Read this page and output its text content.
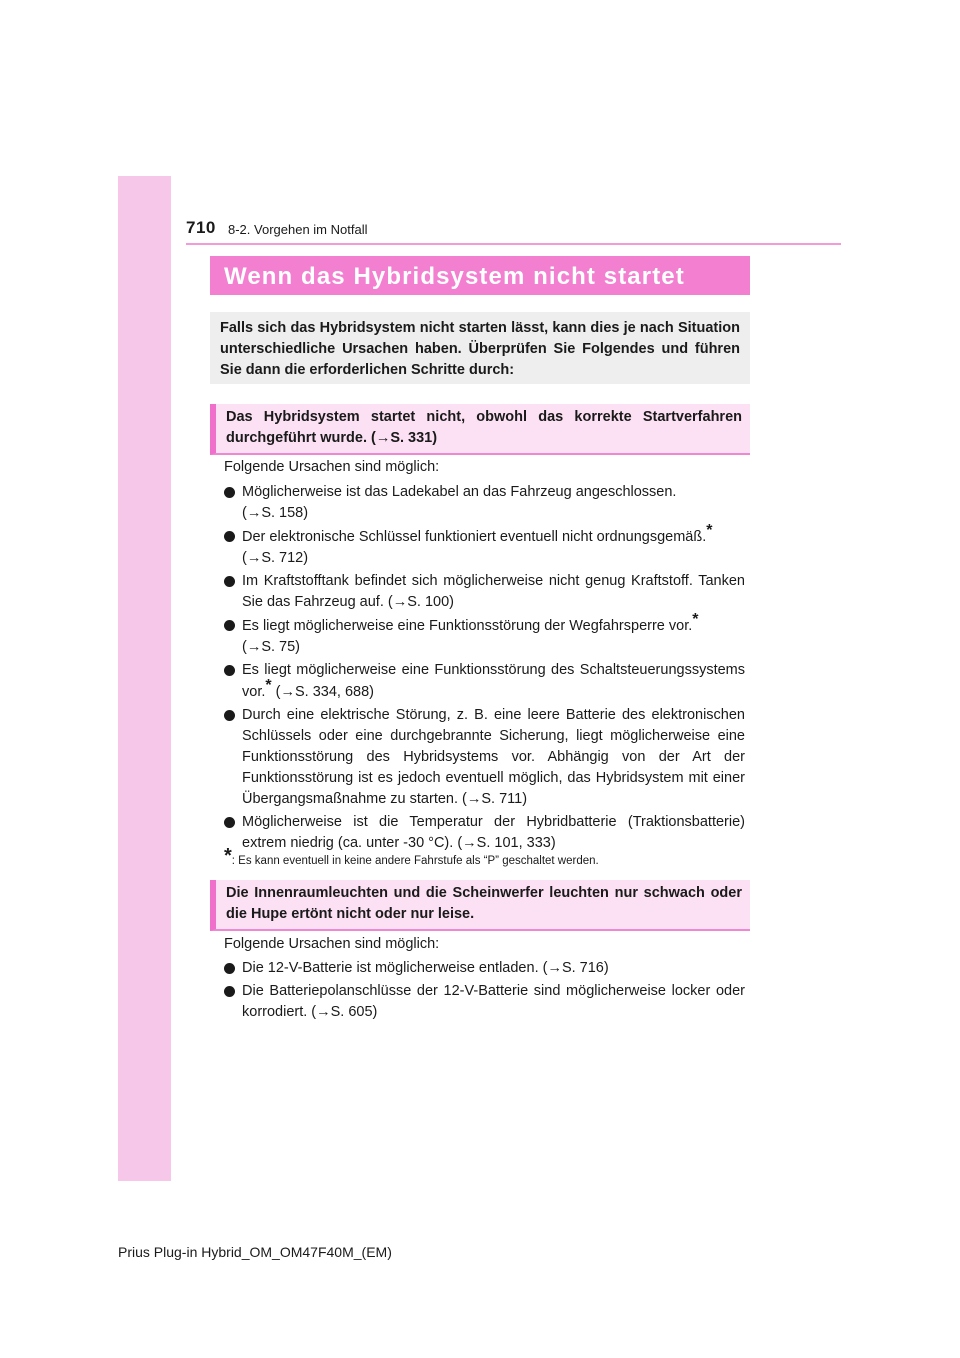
710 8-2. Vorgehen im Notfall
Wenn das Hybridsystem nicht startet
Falls sich das Hybridsystem nicht starten lässt, kann dies je nach Situation unterschiedliche Ursachen haben. Überprüfen Sie Folgendes und führen Sie dann die erforderlichen Schritte durch:
Das Hybridsystem startet nicht, obwohl das korrekte Startverfahren durchgeführt wurde. (→S. 331)
Folgende Ursachen sind möglich:
Möglicherweise ist das Ladekabel an das Fahrzeug angeschlossen.
(→S. 158)
Der elektronische Schlüssel funktioniert eventuell nicht ordnungsgemäß.*
(→S. 712)
Im Kraftstofftank befindet sich möglicherweise nicht genug Kraftstoff. Tanken Sie das Fahrzeug auf. (→S. 100)
Es liegt möglicherweise eine Funktionsstörung der Wegfahrsperre vor.*
(→S. 75)
Es liegt möglicherweise eine Funktionsstörung des Schaltsteuerungssystems vor.* (→S. 334, 688)
Durch eine elektrische Störung, z. B. eine leere Batterie des elektronischen Schlüssels oder eine durchgebrannte Sicherung, liegt möglicherweise eine Funktionsstörung des Hybridsystems vor. Abhängig von der Art der Funktionsstörung ist es jedoch eventuell möglich, das Hybridsystem mit einer Übergangsmaßnahme zu starten. (→S. 711)
Möglicherweise ist die Temperatur der Hybridbatterie (Traktionsbatterie) extrem niedrig (ca. unter -30 °C). (→S. 101, 333)
*: Es kann eventuell in keine andere Fahrstufe als “P” geschaltet werden.
Die Innenraumleuchten und die Scheinwerfer leuchten nur schwach oder die Hupe ertönt nicht oder nur leise.
Folgende Ursachen sind möglich:
Die 12-V-Batterie ist möglicherweise entladen. (→S. 716)
Die Batteriepolanschlüsse der 12-V-Batterie sind möglicherweise locker oder korrodiert. (→S. 605)
Prius Plug-in Hybrid_OM_OM47F40M_(EM)
